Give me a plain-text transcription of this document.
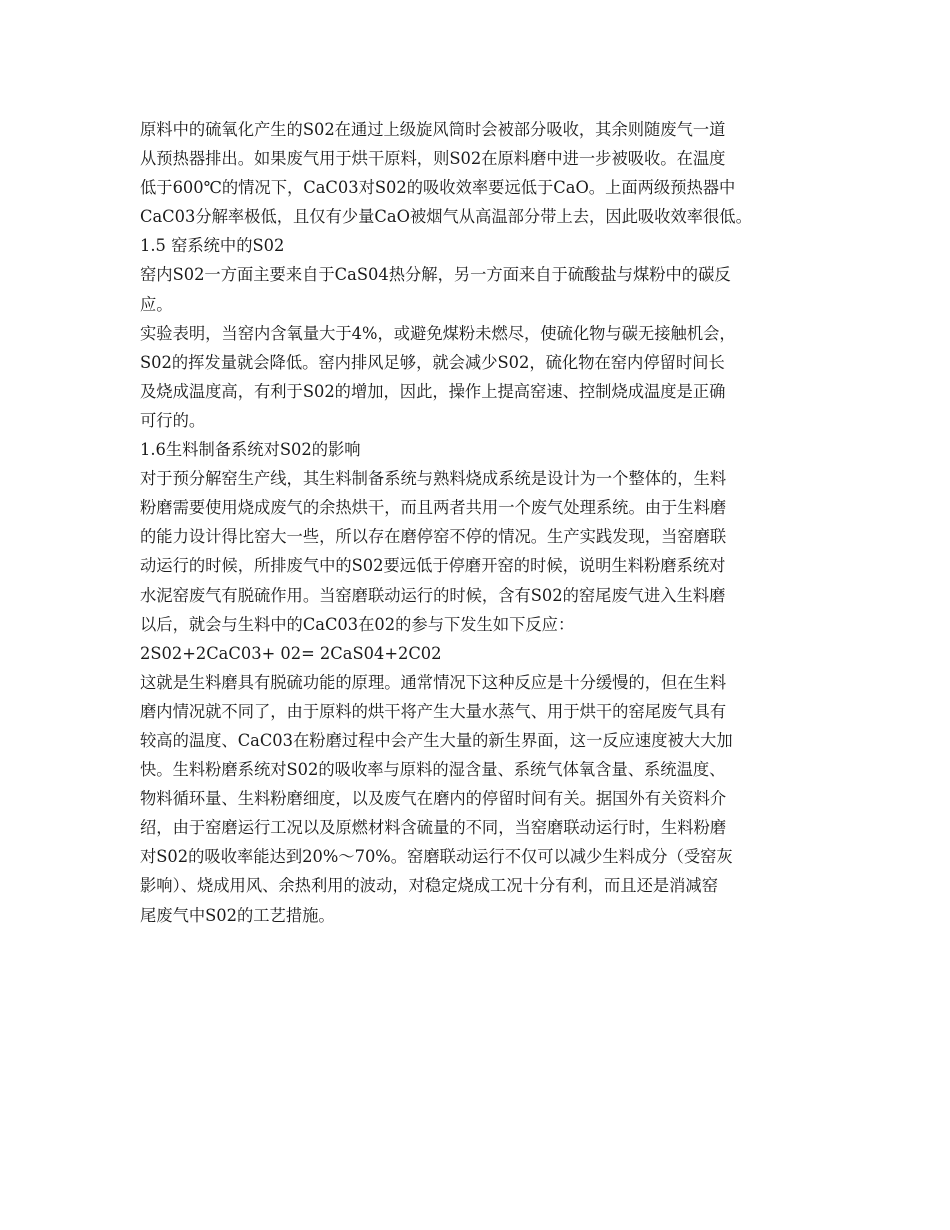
原料中的硫氧化产生的S02在通过上级旋风筒时会被部分吸收，其余则随废气一道
从预热器排出。如果废气用于烘干原料，则S02在原料磨中进一步被吸收。在温度
低于600℃的情况下，CaC03对S02的吸收效率要远低于CaO。上面两级预热器中
CaC03分解率极低，且仅有少量CaO被烟气从高温部分带上去，因此吸收效率很低。
1.5 窑系统中的S02
窑内S02一方面主要来自于CaS04热分解，另一方面来自于硫酸盐与煤粉中的碳反
应。
实验表明，当窑内含氧量大于4%，或避免煤粉未燃尽，使硫化物与碳无接触机会，
S02的挥发量就会降低。窑内排风足够，就会减少S02，硫化物在窑内停留时间长
及烧成温度高，有利于S02的增加，因此，操作上提高窑速、控制烧成温度是正确
可行的。
1.6生料制备系统对S02的影响
对于预分解窑生产线，其生料制备系统与熟料烧成系统是设计为一个整体的，生料
粉磨需要使用烧成废气的余热烘干，而且两者共用一个废气处理系统。由于生料磨
的能力设计得比窑大一些，所以存在磨停窑不停的情况。生产实践发现，当窑磨联
动运行的时候，所排废气中的S02要远低于停磨开窑的时候，说明生料粉磨系统对
水泥窑废气有脱硫作用。当窑磨联动运行的时候，含有S02的窑尾废气进入生料磨
以后，就会与生料中的CaC03在02的参与下发生如下反应：
2S02+2CaC03+ 02= 2CaS04+2C02
这就是生料磨具有脱硫功能的原理。通常情况下这种反应是十分缓慢的，但在生料
磨内情况就不同了，由于原料的烘干将产生大量水蒸气、用于烘干的窑尾废气具有
较高的温度、CaC03在粉磨过程中会产生大量的新生界面，这一反应速度被大大加
快。生料粉磨系统对S02的吸收率与原料的湿含量、系统气体氧含量、系统温度、
物料循环量、生料粉磨细度，以及废气在磨内的停留时间有关。据国外有关资料介
绍，由于窑磨运行工况以及原燃材料含硫量的不同，当窑磨联动运行时，生料粉磨
对S02的吸收率能达到20%～70%。窑磨联动运行不仅可以减少生料成分（受窑灰
影响）、烧成用风、余热利用的波动，对稳定烧成工况十分有利，而且还是消减窑
尾废气中S02的工艺措施。
